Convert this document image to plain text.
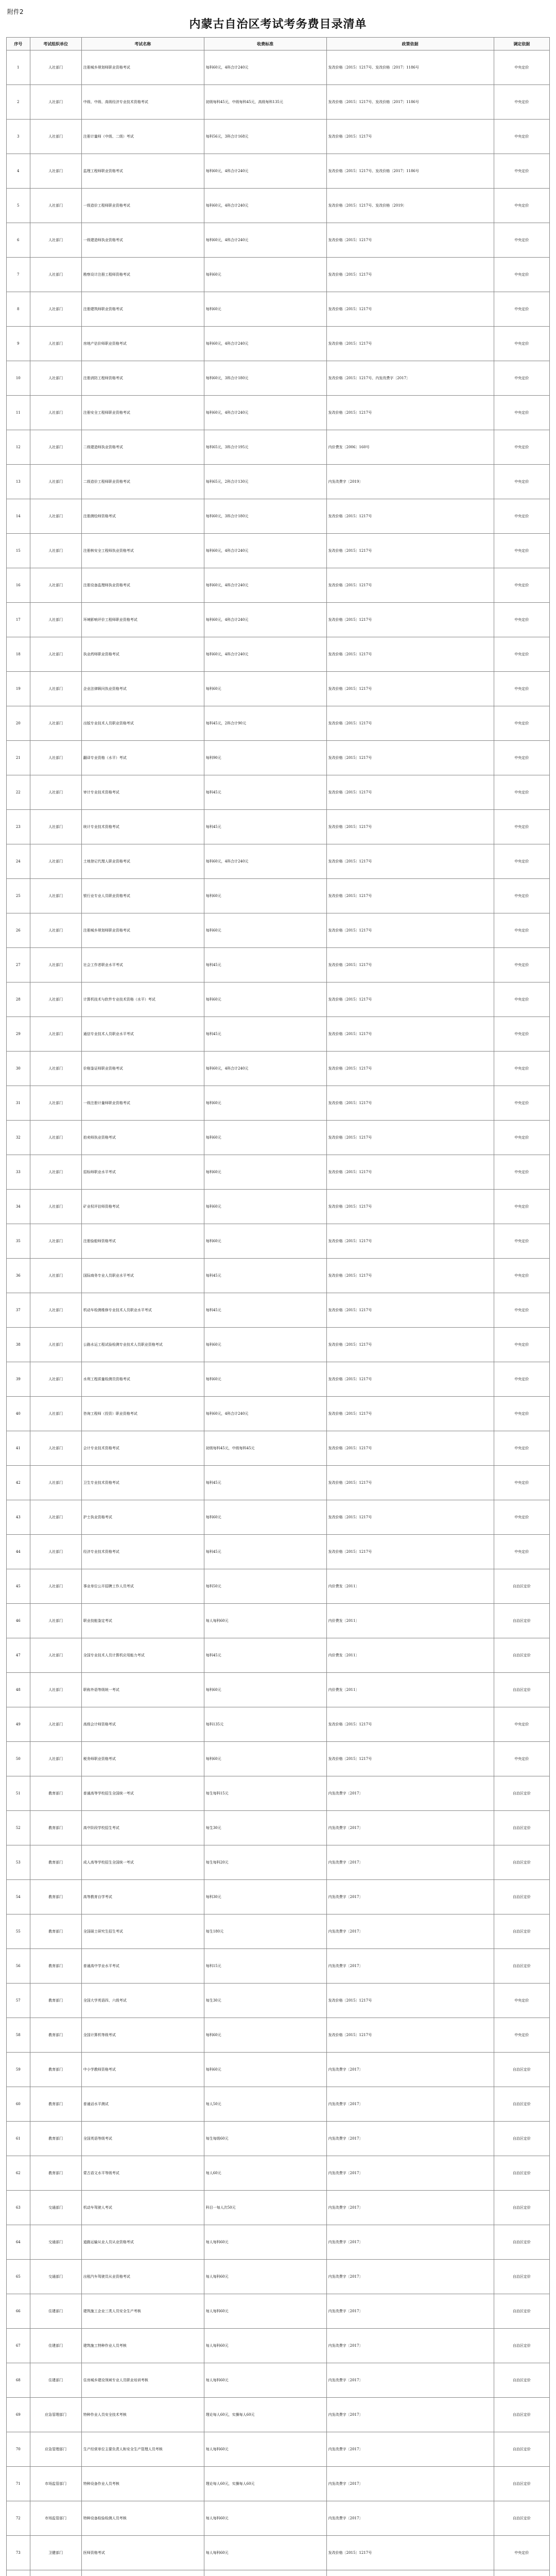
附件2
内蒙古自治区考试考务费目录清单
序号	考试组织单位	考试名称	收费标准	政策依据	调定依据
1	人社部门	注册城乡规划师职业资格考试	每科60元，4科合计240元	发改价格〔2015〕1217号、发改价格〔2017〕1186号	中央定价
2	人社部门	中级、中级、高级经济专业技术资格考试	初级每科45元，中级每科45元，高级每科135元	发改价格〔2015〕1217号、发改价格〔2017〕1186号	中央定价
3	人社部门	注册计量师（中级、二级）考试	每科56元，3科合计168元	发改价格〔2015〕1217号	中央定价
4	人社部门	监理工程师职业资格考试	每科60元，4科合计240元	发改价格〔2015〕1217号、发改价格〔2017〕1186号	中央定价
5	人社部门	一级造价工程师职业资格考试	每科60元，4科合计240元	发改价格〔2015〕1217号、发改价格〔2019〕	中央定价
6	人社部门	一级建造师执业资格考试	每科60元，4科合计240元	发改价格〔2015〕1217号	中央定价
7	人社部门	勘察设计注册工程师资格考试	每科60元	发改价格〔2015〕1217号	中央定价
8	人社部门	注册建筑师职业资格考试	每科60元	发改价格〔2015〕1217号	中央定价
9	人社部门	房地产估价师职业资格考试	每科60元，4科合计240元	发改价格〔2015〕1217号	中央定价
10	人社部门	注册消防工程师资格考试	每科60元，3科合计180元	发改价格〔2015〕1217号、内发改费字〔2017〕	中央定价
11	人社部门	注册安全工程师职业资格考试	每科60元，4科合计240元	发改价格〔2015〕1217号	中央定价
12	人社部门	二级建造师执业资格考试	每科65元，3科合计195元	内价费发〔2006〕160号	中央定价
13	人社部门	二级造价工程师职业资格考试	每科65元，2科合计130元	内发改费字〔2019〕	中央定价
14	人社部门	注册测绘师资格考试	每科60元，3科合计180元	发改价格〔2015〕1217号	中央定价
15	人社部门	注册核安全工程师执业资格考试	每科60元，4科合计240元	发改价格〔2015〕1217号	中央定价
16	人社部门	注册设备监理师执业资格考试	每科60元，4科合计240元	发改价格〔2015〕1217号	中央定价
17	人社部门	环境影响评价工程师职业资格考试	每科60元，4科合计240元	发改价格〔2015〕1217号	中央定价
18	人社部门	执业药师职业资格考试	每科60元，4科合计240元	发改价格〔2015〕1217号	中央定价
19	人社部门	企业法律顾问执业资格考试	每科60元	发改价格〔2015〕1217号	中央定价
20	人社部门	出版专业技术人员职业资格考试	每科45元，2科合计90元	发改价格〔2015〕1217号	中央定价
21	人社部门	翻译专业资格（水平）考试	每科90元	发改价格〔2015〕1217号	中央定价
22	人社部门	审计专业技术资格考试	每科45元	发改价格〔2015〕1217号	中央定价
23	人社部门	统计专业技术资格考试	每科45元	发改价格〔2015〕1217号	中央定价
24	人社部门	土地登记代理人职业资格考试	每科60元，4科合计240元	发改价格〔2015〕1217号	中央定价
25	人社部门	银行业专业人员职业资格考试	每科60元	发改价格〔2015〕1217号	中央定价
26	人社部门	注册城乡规划师职业资格考试	每科60元	发改价格〔2015〕1217号	中央定价
27	人社部门	社会工作者职业水平考试	每科45元	发改价格〔2015〕1217号	中央定价
28	人社部门	计算机技术与软件专业技术资格（水平）考试	每科60元	发改价格〔2015〕1217号	中央定价
29	人社部门	通信专业技术人员职业水平考试	每科45元	发改价格〔2015〕1217号	中央定价
30	人社部门	价格鉴证师职业资格考试	每科60元，4科合计240元	发改价格〔2015〕1217号	中央定价
31	人社部门	一级注册计量师职业资格考试	每科60元	发改价格〔2015〕1217号	中央定价
32	人社部门	拍卖师执业资格考试	每科60元	发改价格〔2015〕1217号	中央定价
33	人社部门	招标师职业水平考试	每科60元	发改价格〔2015〕1217号	中央定价
34	人社部门	矿业权评估师资格考试	每科60元	发改价格〔2015〕1217号	中央定价
35	人社部门	注册验船师资格考试	每科60元	发改价格〔2015〕1217号	中央定价
36	人社部门	国际商务专业人员职业水平考试	每科45元	发改价格〔2015〕1217号	中央定价
37	人社部门	机动车检测维修专业技术人员职业水平考试	每科45元	发改价格〔2015〕1217号	中央定价
38	人社部门	公路水运工程试验检测专业技术人员职业资格考试	每科60元	发改价格〔2015〕1217号	中央定价
39	人社部门	水利工程质量检测员资格考试	每科60元	发改价格〔2015〕1217号	中央定价
40	人社部门	咨询工程师（投资）职业资格考试	每科60元，4科合计240元	发改价格〔2015〕1217号	中央定价
41	人社部门	会计专业技术资格考试	初级每科45元，中级每科45元	发改价格〔2015〕1217号	中央定价
42	人社部门	卫生专业技术资格考试	每科45元	发改价格〔2015〕1217号	中央定价
43	人社部门	护士执业资格考试	每科60元	发改价格〔2015〕1217号	中央定价
44	人社部门	经济专业技术资格考试	每科45元	发改价格〔2015〕1217号	中央定价
45	人社部门	事业单位公开招聘工作人员考试	每科50元	内价费发〔2011〕	自治区定价
46	人社部门	职业技能鉴定考试	每人每科60元	内价费发〔2011〕	自治区定价
47	人社部门	全国专业技术人员计算机应用能力考试	每科45元	内价费发〔2011〕	自治区定价
48	人社部门	职称外语等级统一考试	每科60元	内价费发〔2011〕	自治区定价
49	人社部门	高级会计师资格考试	每科135元	发改价格〔2015〕1217号	中央定价
50	人社部门	税务师职业资格考试	每科60元	发改价格〔2015〕1217号	中央定价
51	教育部门	普通高等学校招生全国统一考试	每生每科15元	内发改费字〔2017〕	自治区定价
52	教育部门	高中阶段学校招生考试	每生30元	内发改费字〔2017〕	自治区定价
53	教育部门	成人高等学校招生全国统一考试	每生每科20元	内发改费字〔2017〕	自治区定价
54	教育部门	高等教育自学考试	每科30元	内发改费字〔2017〕	自治区定价
55	教育部门	全国硕士研究生招生考试	每生180元	内发改费字〔2017〕	自治区定价
56	教育部门	普通高中学业水平考试	每科15元	内发改费字〔2017〕	自治区定价
57	教育部门	全国大学英语四、六级考试	每生30元	发改价格〔2015〕1217号	中央定价
58	教育部门	全国计算机等级考试	每科60元	发改价格〔2015〕1217号	中央定价
59	教育部门	中小学教师资格考试	每科60元	内发改费字〔2017〕	自治区定价
60	教育部门	普通话水平测试	每人50元	内发改费字〔2017〕	自治区定价
61	教育部门	全国英语等级考试	每生每级60元	内发改费字〔2017〕	自治区定价
62	教育部门	蒙古语文水平等级考试	每人60元	内发改费字〔2017〕	自治区定价
63	交通部门	机动车驾驶人考试	科目一每人次50元	内发改费字〔2017〕	自治区定价
64	交通部门	道路运输从业人员从业资格考试	每人每科60元	内发改费字〔2017〕	自治区定价
65	交通部门	出租汽车驾驶员从业资格考试	每人每科60元	内发改费字〔2017〕	自治区定价
66	住建部门	建筑施工企业三类人员安全生产考核	每人每科60元	内发改费字〔2017〕	自治区定价
67	住建部门	建筑施工特种作业人员考核	每人每科60元	内发改费字〔2017〕	自治区定价
68	住建部门	住房城乡建设领域专业人员职业培训考核	每人每科60元	内发改费字〔2017〕	自治区定价
69	应急管理部门	特种作业人员安全技术考核	理论每人60元，实操每人60元	内发改费字〔2017〕	自治区定价
70	应急管理部门	生产经营单位主要负责人和安全生产管理人员考核	每人每科60元	内发改费字〔2017〕	自治区定价
71	市场监管部门	特种设备作业人员考核	理论每人60元，实操每人60元	内发改费字〔2017〕	自治区定价
72	市场监管部门	特种设备检验检测人员考核	每人每科60元	内发改费字〔2017〕	自治区定价
73	卫健部门	医师资格考试	每人每科60元	发改价格〔2015〕1217号	中央定价
